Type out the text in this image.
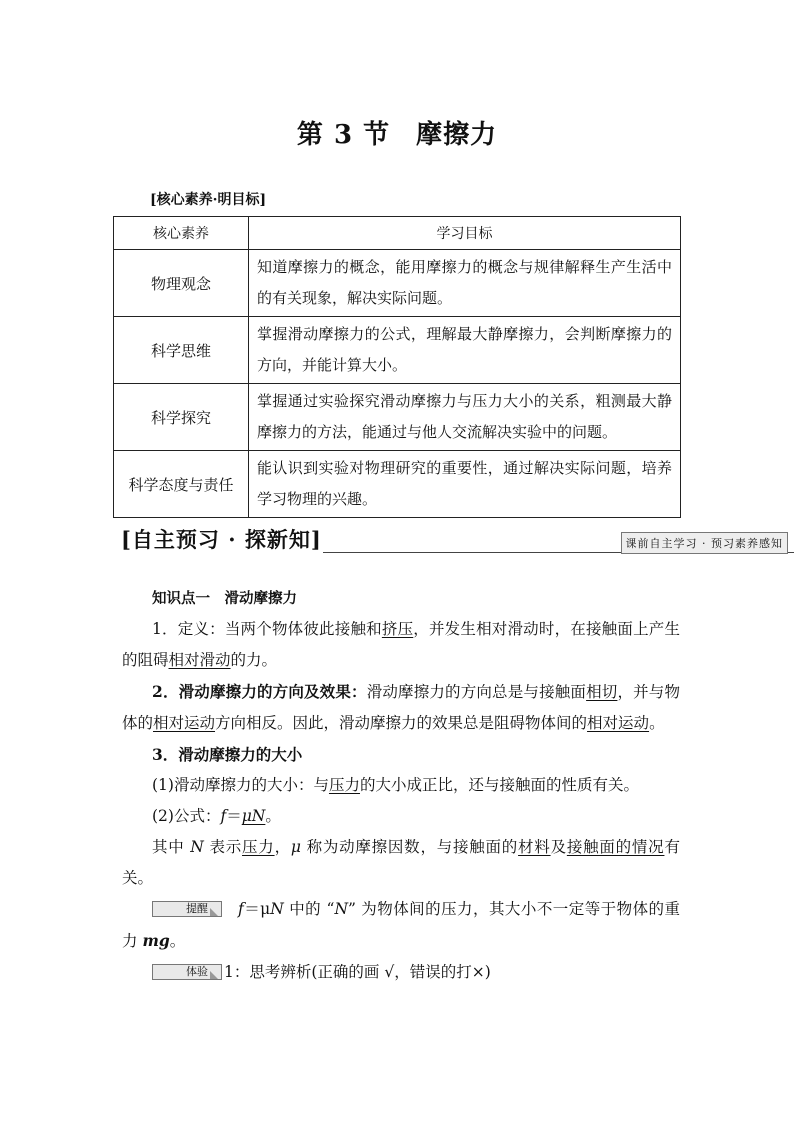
第 3 节 摩擦力
[核心素养·明目标]
核心素养	学习目标
物理观念	知道摩擦力的概念，能用摩擦力的概念与规律解释生产生活中的有关现象，解决实际问题。
科学思维	掌握滑动摩擦力的公式，理解最大静摩擦力，会判断摩擦力的方向，并能计算大小。
科学探究	掌握通过实验探究滑动摩擦力与压力大小的关系，粗测最大静摩擦力的方法，能通过与他人交流解决实验中的问题。
科学态度与责任	能认识到实验对物理研究的重要性，通过解决实际问题，培养学习物理的兴趣。
[自主预习 · 探新知]	课前自主学习 · 预习素养感知

知识点一　滑动摩擦力

1．定义：当两个物体彼此接触和挤压，并发生相对滑动时，在接触面上产生的阻碍相对滑动的力。

2．滑动摩擦力的方向及效果：滑动摩擦力的方向总是与接触面相切，并与物体的相对运动方向相反。因此，滑动摩擦力的效果总是阻碍物体间的相对运动。

3．滑动摩擦力的大小

(1)滑动摩擦力的大小：与压力的大小成正比，还与接触面的性质有关。

(2)公式：f＝μN。

其中 N 表示压力，μ 称为动摩擦因数，与接触面的材料及接触面的情况有关。

提醒 f＝μN 中的 “N” 为物体间的压力，其大小不一定等于物体的重力 mg。

体验 1：思考辨析(正确的画 √，错误的打×)
